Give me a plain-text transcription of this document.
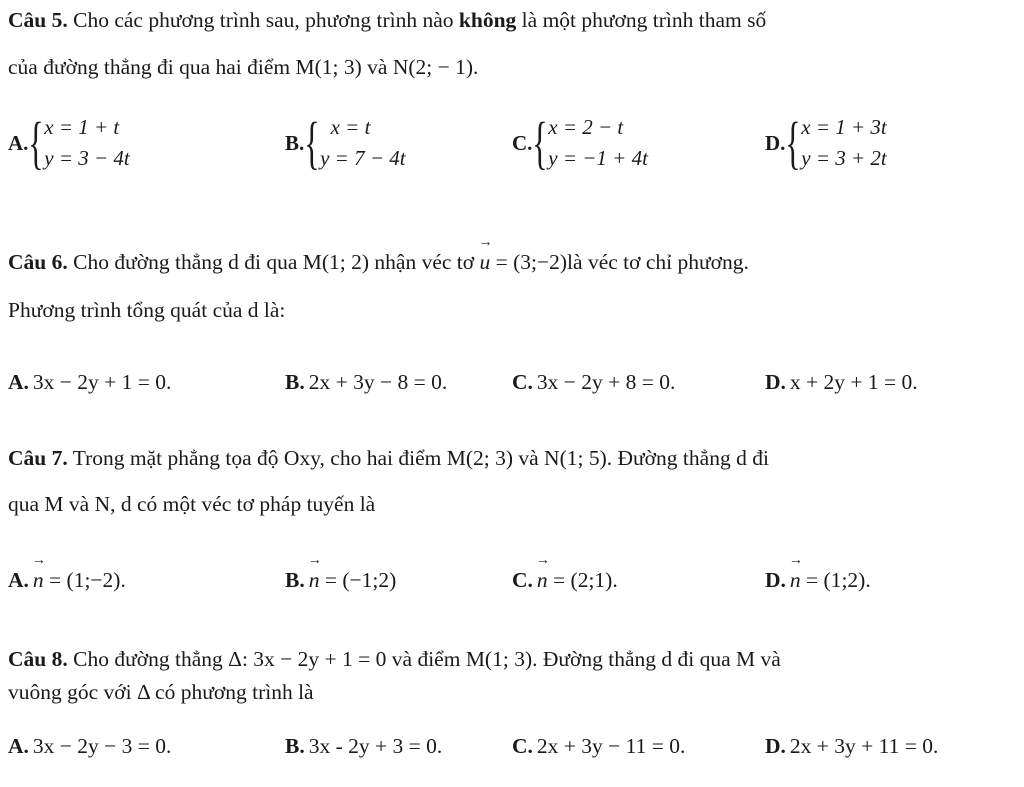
Câu 5. Cho các phương trình sau, phương trình nào không là một phương trình tham số
của đường thẳng đi qua hai điểm M(1; 3) và N(2; − 1).
A. { x = 1 + t
y = 3 − 4t
B. { x = t
y = 7 − 4t
C. { x = 2 − t
y = −1 + 4t
D. { x = 1 + 3t
y = 3 + 2t
Câu 6. Cho đường thẳng d đi qua M(1; 2) nhận véc tơ → u = (3;−2)là véc tơ chỉ phương.
Phương trình tổng quát của d là:
A. 3x − 2y + 1 = 0.	B. 2x + 3y − 8 = 0.	C. 3x − 2y + 8 = 0.	D. x + 2y + 1 = 0.
Câu 7. Trong mặt phẳng tọa độ Oxy, cho hai điểm M(2; 3) và N(1; 5). Đường thẳng d đi
qua M và N, d có một véc tơ pháp tuyến là
A. → n = (1;−2).	B. → n = (−1;2)	C. → n = (2;1).	D. → n = (1;2).
Câu 8. Cho đường thẳng Δ: 3x − 2y + 1 = 0 và điểm M(1; 3). Đường thẳng d đi qua M và
vuông góc với Δ có phương trình là
A. 3x − 2y − 3 = 0.	B. 3x - 2y + 3 = 0.	C. 2x + 3y − 11 = 0.	D. 2x + 3y + 11 = 0.
